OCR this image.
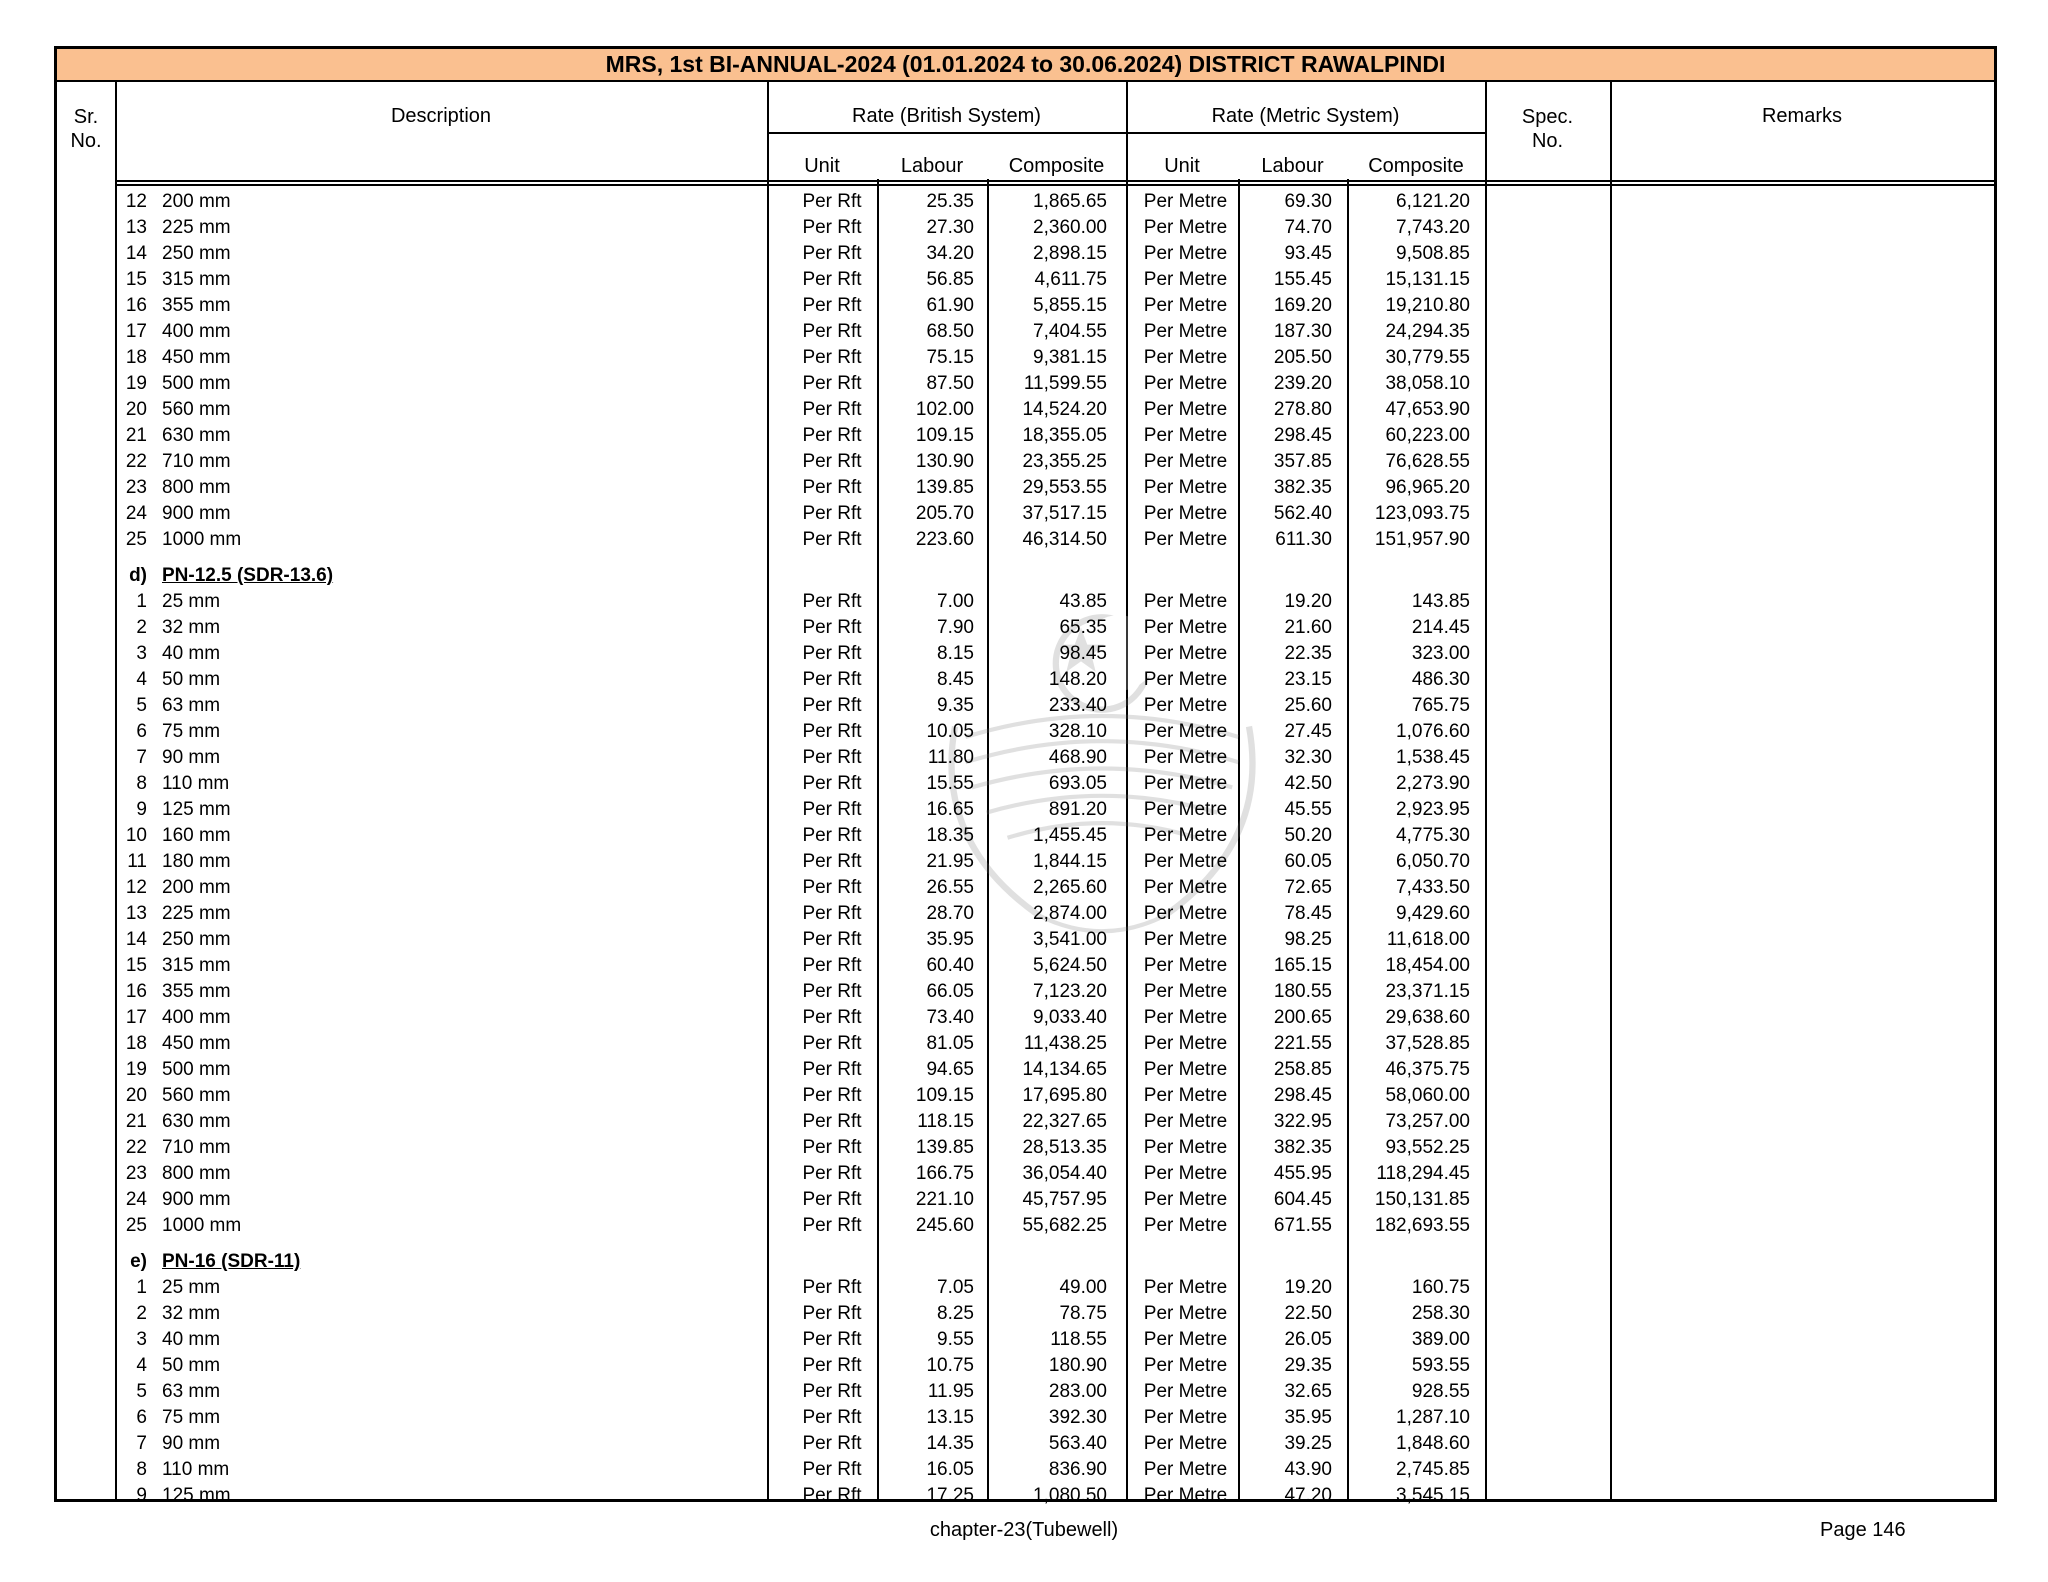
MRS, 1st BI-ANNUAL-2024 (01.01.2024 to 30.06.2024) DISTRICT RAWALPINDI
Sr.
No.
Description	Rate (British System)	Rate (Metric System)	Spec.
No.
Remarks
Unit	Labour	Composite	Unit	Labour	Composite
12 200 mm	Per Rft	25.35	1,865.65	Per Metre	69.30	6,121.20
13 225 mm	Per Rft	27.30	2,360.00	Per Metre	74.70	7,743.20
14 250 mm	Per Rft	34.20	2,898.15	Per Metre	93.45	9,508.85
15 315 mm	Per Rft	56.85	4,611.75	Per Metre	155.45	15,131.15
16 355 mm	Per Rft	61.90	5,855.15	Per Metre	169.20	19,210.80
17 400 mm	Per Rft	68.50	7,404.55	Per Metre	187.30	24,294.35
18 450 mm	Per Rft	75.15	9,381.15	Per Metre	205.50	30,779.55
19 500 mm	Per Rft	87.50	11,599.55	Per Metre	239.20	38,058.10
20 560 mm	Per Rft	102.00	14,524.20	Per Metre	278.80	47,653.90
21 630 mm	Per Rft	109.15	18,355.05	Per Metre	298.45	60,223.00
22 710 mm	Per Rft	130.90	23,355.25	Per Metre	357.85	76,628.55
23 800 mm	Per Rft	139.85	29,553.55	Per Metre	382.35	96,965.20
24 900 mm	Per Rft	205.70	37,517.15	Per Metre	562.40	123,093.75
25 1000 mm	Per Rft	223.60	46,314.50	Per Metre	611.30	151,957.90
d) PN-12.5 (SDR-13.6)
1 25 mm	Per Rft	7.00	43.85	Per Metre	19.20	143.85
2 32 mm	Per Rft	7.90	65.35	Per Metre	21.60	214.45
3 40 mm	Per Rft	8.15	98.45	Per Metre	22.35	323.00
4 50 mm	Per Rft	8.45	148.20	Per Metre	23.15	486.30
5 63 mm	Per Rft	9.35	233.40	Per Metre	25.60	765.75
6 75 mm	Per Rft	10.05	328.10	Per Metre	27.45	1,076.60
7 90 mm	Per Rft	11.80	468.90	Per Metre	32.30	1,538.45
8 110 mm	Per Rft	15.55	693.05	Per Metre	42.50	2,273.90
9 125 mm	Per Rft	16.65	891.20	Per Metre	45.55	2,923.95
10 160 mm	Per Rft	18.35	1,455.45	Per Metre	50.20	4,775.30
11 180 mm	Per Rft	21.95	1,844.15	Per Metre	60.05	6,050.70
12 200 mm	Per Rft	26.55	2,265.60	Per Metre	72.65	7,433.50
13 225 mm	Per Rft	28.70	2,874.00	Per Metre	78.45	9,429.60
14 250 mm	Per Rft	35.95	3,541.00	Per Metre	98.25	11,618.00
15 315 mm	Per Rft	60.40	5,624.50	Per Metre	165.15	18,454.00
16 355 mm	Per Rft	66.05	7,123.20	Per Metre	180.55	23,371.15
17 400 mm	Per Rft	73.40	9,033.40	Per Metre	200.65	29,638.60
18 450 mm	Per Rft	81.05	11,438.25	Per Metre	221.55	37,528.85
19 500 mm	Per Rft	94.65	14,134.65	Per Metre	258.85	46,375.75
20 560 mm	Per Rft	109.15	17,695.80	Per Metre	298.45	58,060.00
21 630 mm	Per Rft	118.15	22,327.65	Per Metre	322.95	73,257.00
22 710 mm	Per Rft	139.85	28,513.35	Per Metre	382.35	93,552.25
23 800 mm	Per Rft	166.75	36,054.40	Per Metre	455.95	118,294.45
24 900 mm	Per Rft	221.10	45,757.95	Per Metre	604.45	150,131.85
25 1000 mm	Per Rft	245.60	55,682.25	Per Metre	671.55	182,693.55
e) PN-16 (SDR-11)
1 25 mm	Per Rft	7.05	49.00	Per Metre	19.20	160.75
2 32 mm	Per Rft	8.25	78.75	Per Metre	22.50	258.30
3 40 mm	Per Rft	9.55	118.55	Per Metre	26.05	389.00
4 50 mm	Per Rft	10.75	180.90	Per Metre	29.35	593.55
5 63 mm	Per Rft	11.95	283.00	Per Metre	32.65	928.55
6 75 mm	Per Rft	13.15	392.30	Per Metre	35.95	1,287.10
7 90 mm	Per Rft	14.35	563.40	Per Metre	39.25	1,848.60
8 110 mm	Per Rft	16.05	836.90	Per Metre	43.90	2,745.85
9 125 mm	Per Rft	17.25	1,080.50	Per Metre	47.20	3,545.15
chapter-23(Tubewell)	Page 146
